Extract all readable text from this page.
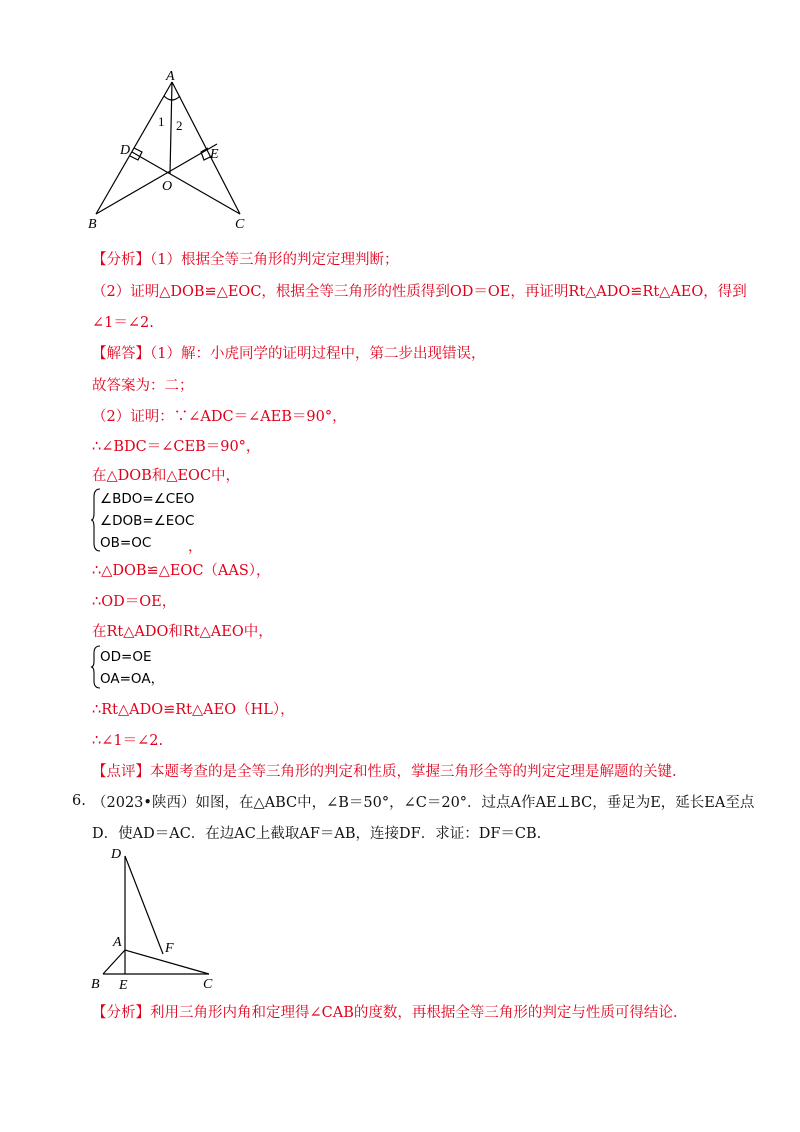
A
B	C
D	E
O
1 2
【分析】（1）根据全等三角形的判定定理判断；
（2）证明△DOB≌△EOC，根据全等三角形的性质得到OD＝OE，再证明Rt△ADO≌Rt△AEO，得到
∠1＝∠2.
【解答】（1）解：小虎同学的证明过程中，第二步出现错误，
故答案为：二；
（2）证明：∵∠ADC＝∠AEB＝90°，
∴∠BDC＝∠CEB＝90°，
在△DOB和△EOC中，
∠BDO=∠CEO
∠DOB=∠EOC
OB=OC	，
∴△DOB≌△EOC（AAS），
∴OD＝OE，
在Rt△ADO和Rt△AEO中，
OD=OE
OA=OA，
∴Rt△ADO≌Rt△AEO（HL），
∴∠1＝∠2.
【点评】本题考查的是全等三角形的判定和性质，掌握三角形全等的判定定理是解题的关键.
6. （2023•陕西）如图，在△ABC中，∠B＝50°，∠C＝20°．过点A作AE⊥BC，垂足为E，延长EA至点
D．使AD＝AC．在边AC上截取AF＝AB，连接DF．求证：DF＝CB.
D
A	F
B E	C
【分析】利用三角形内角和定理得∠CAB的度数，再根据全等三角形的判定与性质可得结论.
